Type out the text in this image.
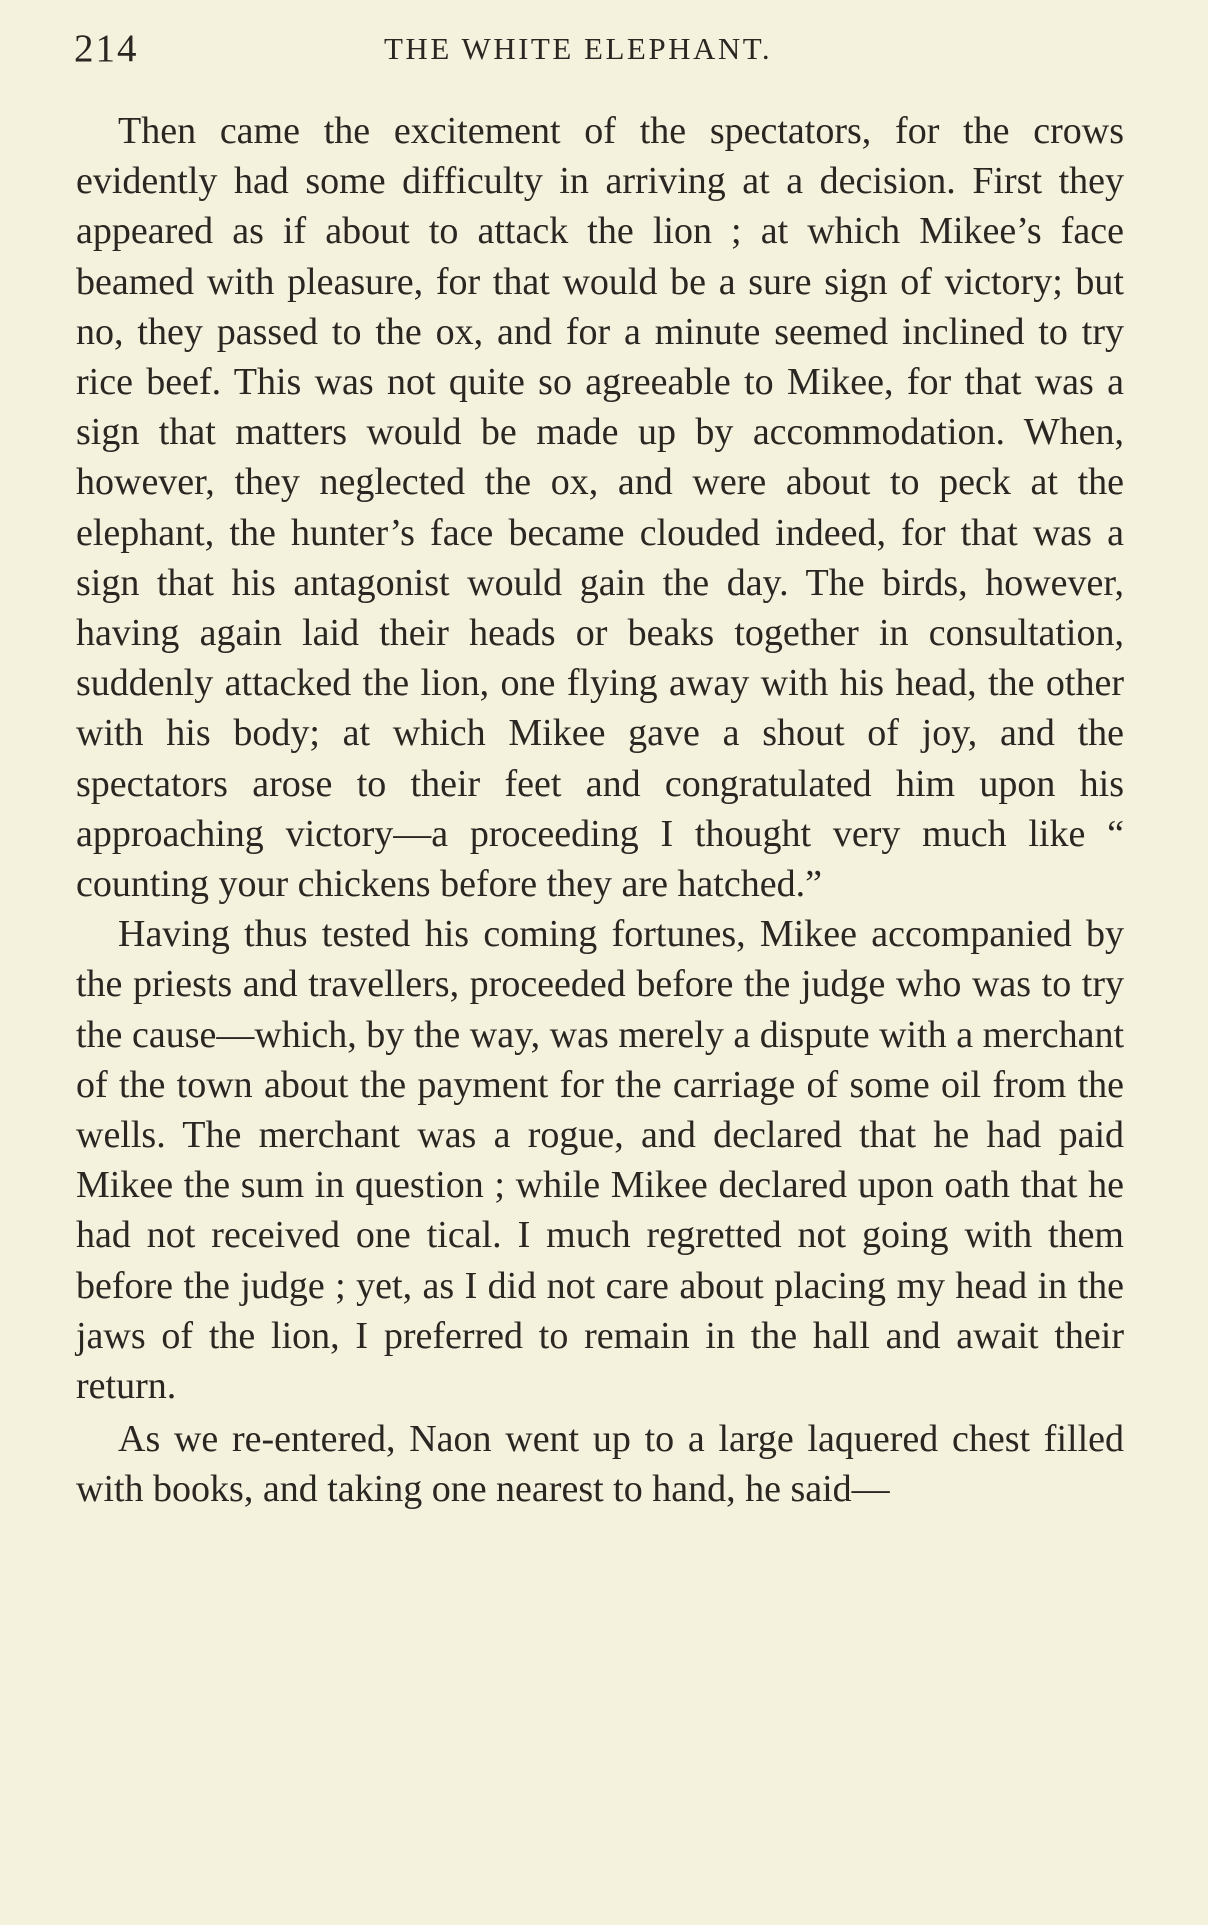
214	THE WHITE ELEPHANT.

Then came the excitement of the spectators, for the crows evidently had some difficulty in arriving at a decision. First they appeared as if about to attack the lion ; at which Mikee’s face beamed with pleasure, for that would be a sure sign of victory; but no, they passed to the ox, and for a minute seemed inclined to try rice beef. This was not quite so agreeable to Mikee, for that was a sign that matters would be made up by accommodation. When, however, they neglected the ox, and were about to peck at the elephant, the hunter’s face became clouded indeed, for that was a sign that his antagonist would gain the day. The birds, however, having again laid their heads or beaks together in consultation, suddenly attacked the lion, one flying away with his head, the other with his body; at which Mikee gave a shout of joy, and the spectators arose to their feet and congratulated him upon his approaching victory—a proceeding I thought very much like “ counting your chickens before they are hatched.”

Having thus tested his coming fortunes, Mikee accompanied by the priests and travellers, proceeded before the judge who was to try the cause—which, by the way, was merely a dispute with a merchant of the town about the payment for the carriage of some oil from the wells. The merchant was a rogue, and declared that he had paid Mikee the sum in question ; while Mikee declared upon oath that he had not received one tical. I much regretted not going with them before the judge ; yet, as I did not care about placing my head in the jaws of the lion, I preferred to remain in the hall and await their return.

As we re-entered, Naon went up to a large laquered chest filled with books, and taking one nearest to hand, he said—
